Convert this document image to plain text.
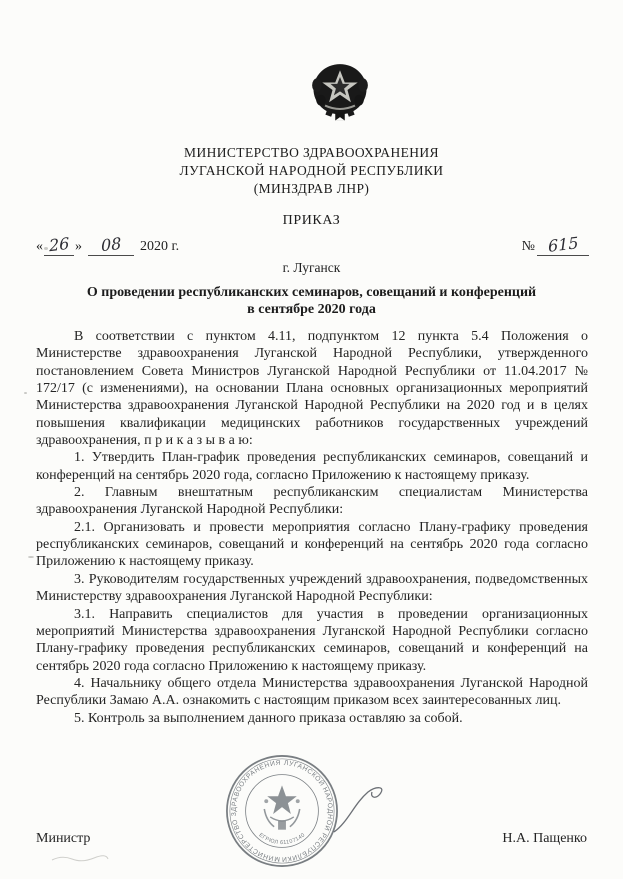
МИНИСТЕРСТВО ЗДРАВООХРАНЕНИЯ
ЛУГАНСКОЙ НАРОДНОЙ РЕСПУБЛИКИ
(МИНЗДРАВ ЛНР)
ПРИКАЗ
« 26 » 08 2020 г.	№ 615
г. Луганск
О проведении республиканских семинаров, совещаний и конференций
в сентябре 2020 года

В соответствии с пунктом 4.11, подпунктом 12 пункта 5.4 Положения о Министерстве здравоохранения Луганской Народной Республики, утвержденного постановлением Совета Министров Луганской Народной Республики от 11.04.2017 № 172/17 (с изменениями), на основании Плана основных организационных мероприятий Министерства здравоохранения Луганской Народной Республики на 2020 год и в целях повышения квалификации медицинских работников государственных учреждений здравоохранения, п р и к а з ы в а ю:

1. Утвердить План-график проведения республиканских семинаров, совещаний и конференций на сентябрь 2020 года, согласно Приложению к настоящему приказу.

2. Главным внештатным республиканским специалистам Министерства здравоохранения Луганской Народной Республики:

2.1. Организовать и провести мероприятия согласно Плану-графику проведения республиканских семинаров, совещаний и конференций на сентябрь 2020 года согласно Приложению к настоящему приказу.

3. Руководителям государственных учреждений здравоохранения, подведомственных Министерству здравоохранения Луганской Народной Республики:

3.1. Направить специалистов для участия в проведении организационных мероприятий Министерства здравоохранения Луганской Народной Республики согласно Плану-графику проведения республиканских семинаров, совещаний и конференций на сентябрь 2020 года согласно Приложению к настоящему приказу.

4. Начальнику общего отдела Министерства здравоохранения Луганской Народной Республики Замаю А.А. ознакомить с настоящим приказом всех заинтересованных лиц.

5. Контроль за выполнением данного приказа оставляю за собой.

Министр	Н.А. Пащенко
МИНИСТЕРСТВО ЗДРАВООХРАНЕНИЯ ЛУГАНСКОЙ НАРОДНОЙ РЕСПУБЛИКИ
ЕГРЮЛ 61107140
